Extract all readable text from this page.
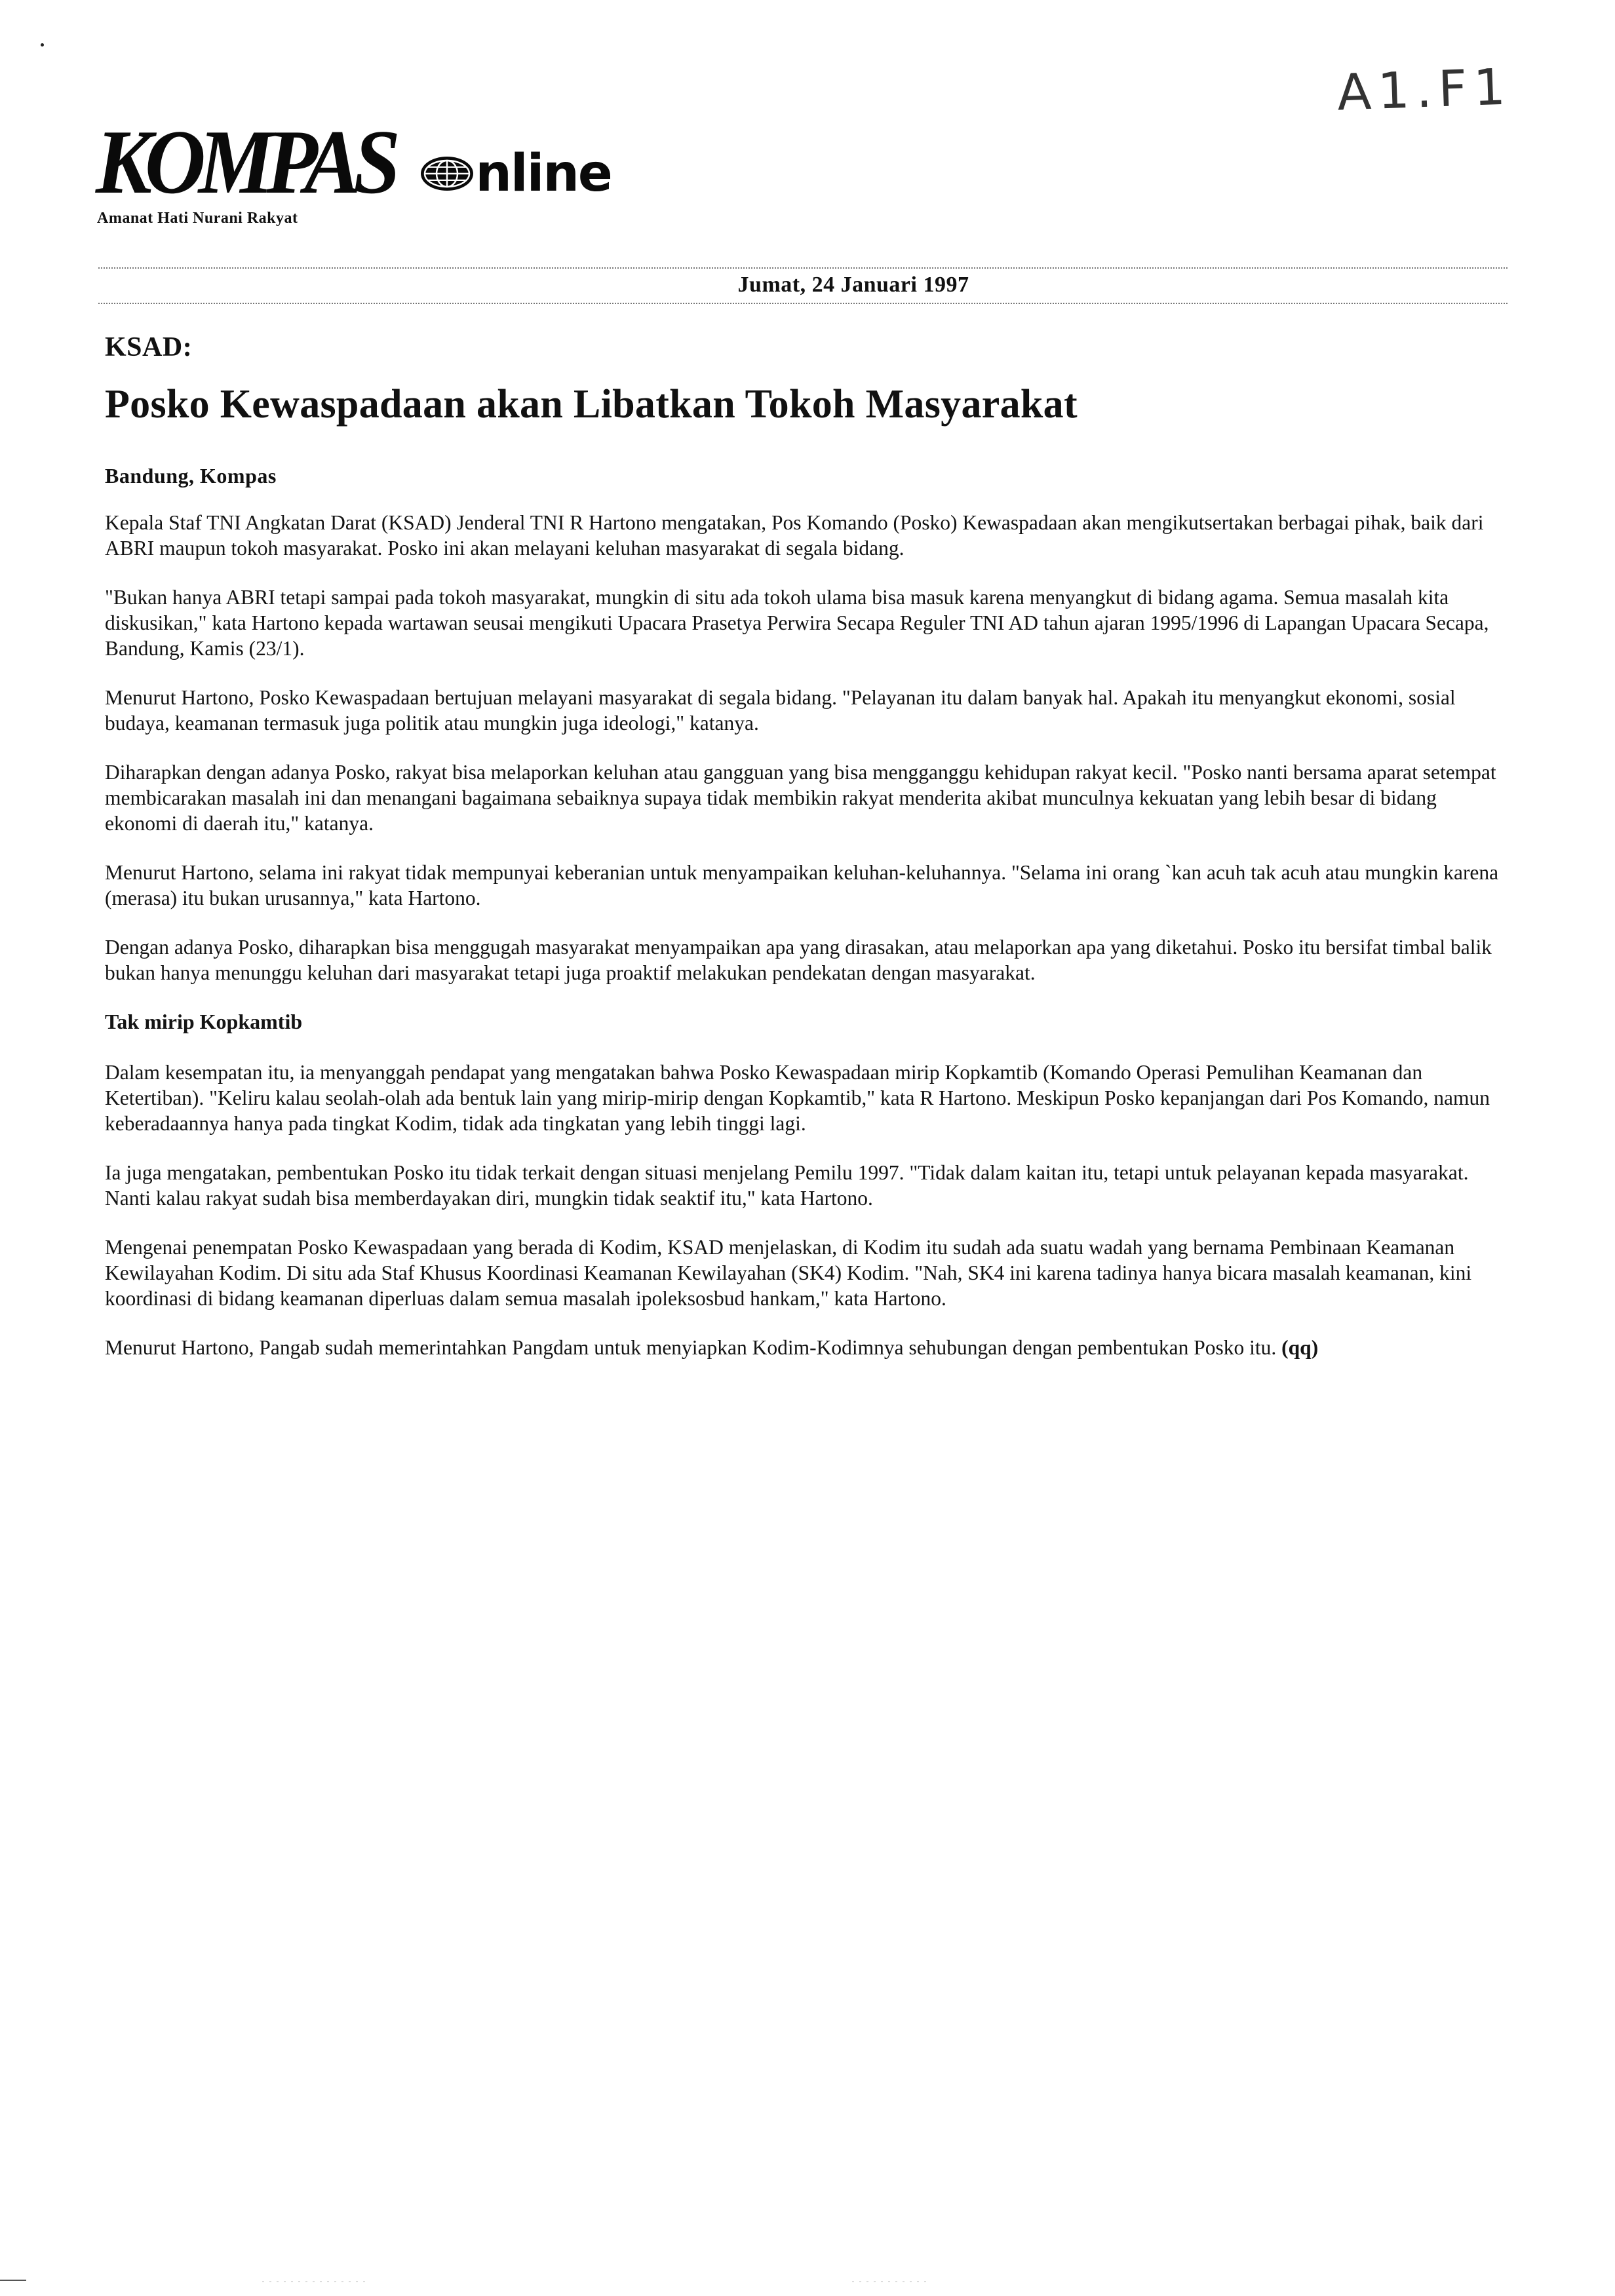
A1.F1
KOMPAS nline
Amanat Hati Nurani Rakyat
Jumat, 24 Januari 1997
KSAD:
Posko Kewaspadaan akan Libatkan Tokoh Masyarakat
Bandung, Kompas

Kepala Staf TNI Angkatan Darat (KSAD) Jenderal TNI R Hartono mengatakan, Pos Komando (Posko) Kewaspadaan akan mengikutsertakan berbagai pihak, baik dari ABRI maupun tokoh masyarakat. Posko ini akan melayani keluhan masyarakat di segala bidang.

"Bukan hanya ABRI tetapi sampai pada tokoh masyarakat, mungkin di situ ada tokoh ulama bisa masuk karena menyangkut di bidang agama. Semua masalah kita diskusikan," kata Hartono kepada wartawan seusai mengikuti Upacara Prasetya Perwira Secapa Reguler TNI AD tahun ajaran 1995/1996 di Lapangan Upacara Secapa, Bandung, Kamis (23/1).

Menurut Hartono, Posko Kewaspadaan bertujuan melayani masyarakat di segala bidang. "Pelayanan itu dalam banyak hal. Apakah itu menyangkut ekonomi, sosial budaya, keamanan termasuk juga politik atau mungkin juga ideologi," katanya.

Diharapkan dengan adanya Posko, rakyat bisa melaporkan keluhan atau gangguan yang bisa mengganggu kehidupan rakyat kecil. "Posko nanti bersama aparat setempat membicarakan masalah ini dan menangani bagaimana sebaiknya supaya tidak membikin rakyat menderita akibat munculnya kekuatan yang lebih besar di bidang ekonomi di daerah itu," katanya.

Menurut Hartono, selama ini rakyat tidak mempunyai keberanian untuk menyampaikan keluhan-keluhannya. "Selama ini orang `kan acuh tak acuh atau mungkin karena (merasa) itu bukan urusannya," kata Hartono.

Dengan adanya Posko, diharapkan bisa menggugah masyarakat menyampaikan apa yang dirasakan, atau melaporkan apa yang diketahui. Posko itu bersifat timbal balik bukan hanya menunggu keluhan dari masyarakat tetapi juga proaktif melakukan pendekatan dengan masyarakat.

Tak mirip Kopkamtib

Dalam kesempatan itu, ia menyanggah pendapat yang mengatakan bahwa Posko Kewaspadaan mirip Kopkamtib (Komando Operasi Pemulihan Keamanan dan Ketertiban). "Keliru kalau seolah-olah ada bentuk lain yang mirip-mirip dengan Kopkamtib," kata R Hartono. Meskipun Posko kepanjangan dari Pos Komando, namun keberadaannya hanya pada tingkat Kodim, tidak ada tingkatan yang lebih tinggi lagi.

Ia juga mengatakan, pembentukan Posko itu tidak terkait dengan situasi menjelang Pemilu 1997. "Tidak dalam kaitan itu, tetapi untuk pelayanan kepada masyarakat. Nanti kalau rakyat sudah bisa memberdayakan diri, mungkin tidak seaktif itu," kata Hartono.

Mengenai penempatan Posko Kewaspadaan yang berada di Kodim, KSAD menjelaskan, di Kodim itu sudah ada suatu wadah yang bernama Pembinaan Keamanan Kewilayahan Kodim. Di situ ada Staf Khusus Koordinasi Keamanan Kewilayahan (SK4) Kodim. "Nah, SK4 ini karena tadinya hanya bicara masalah keamanan, kini koordinasi di bidang keamanan diperluas dalam semua masalah ipoleksosbud hankam," kata Hartono.

Menurut Hartono, Pangab sudah memerintahkan Pangdam untuk menyiapkan Kodim-Kodimnya sehubungan dengan pembentukan Posko itu. (qq)
